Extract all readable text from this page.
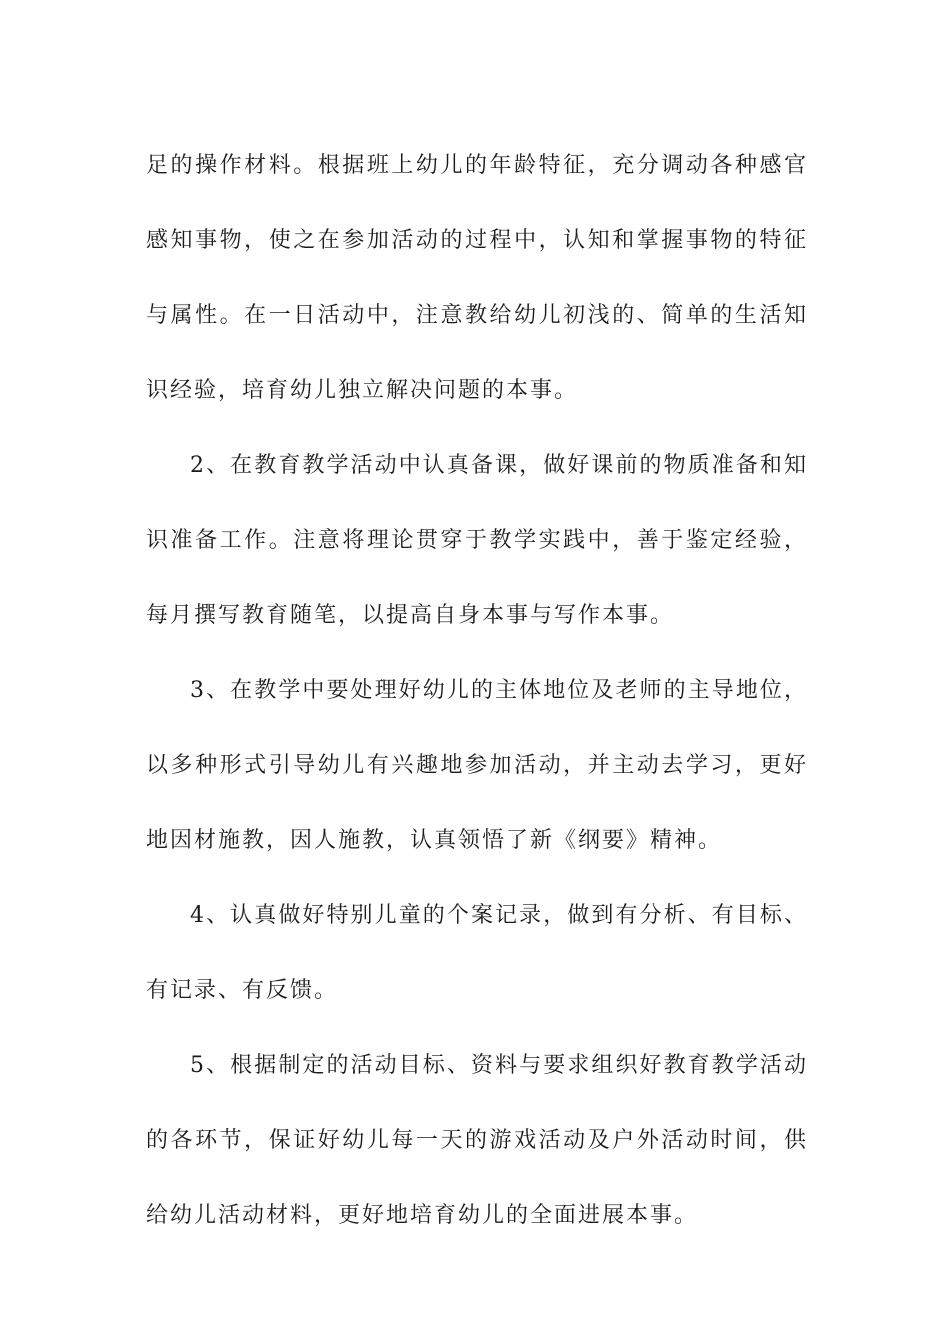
足的操作材料。根据班上幼儿的年龄特征，充分调动各种感官感知事物，使之在参加活动的过程中，认知和掌握事物的特征与属性。在一日活动中，注意教给幼儿初浅的、简单的生活知识经验，培育幼儿独立解决问题的本事。

2、在教育教学活动中认真备课，做好课前的物质准备和知识准备工作。注意将理论贯穿于教学实践中，善于鉴定经验，每月撰写教育随笔，以提高自身本事与写作本事。

3、在教学中要处理好幼儿的主体地位及老师的主导地位，以多种形式引导幼儿有兴趣地参加活动，并主动去学习，更好地因材施教，因人施教，认真领悟了新《纲要》精神。

4、认真做好特别儿童的个案记录，做到有分析、有目标、有记录、有反馈。

5、根据制定的活动目标、资料与要求组织好教育教学活动的各环节，保证好幼儿每一天的游戏活动及户外活动时间，供给幼儿活动材料，更好地培育幼儿的全面进展本事。
